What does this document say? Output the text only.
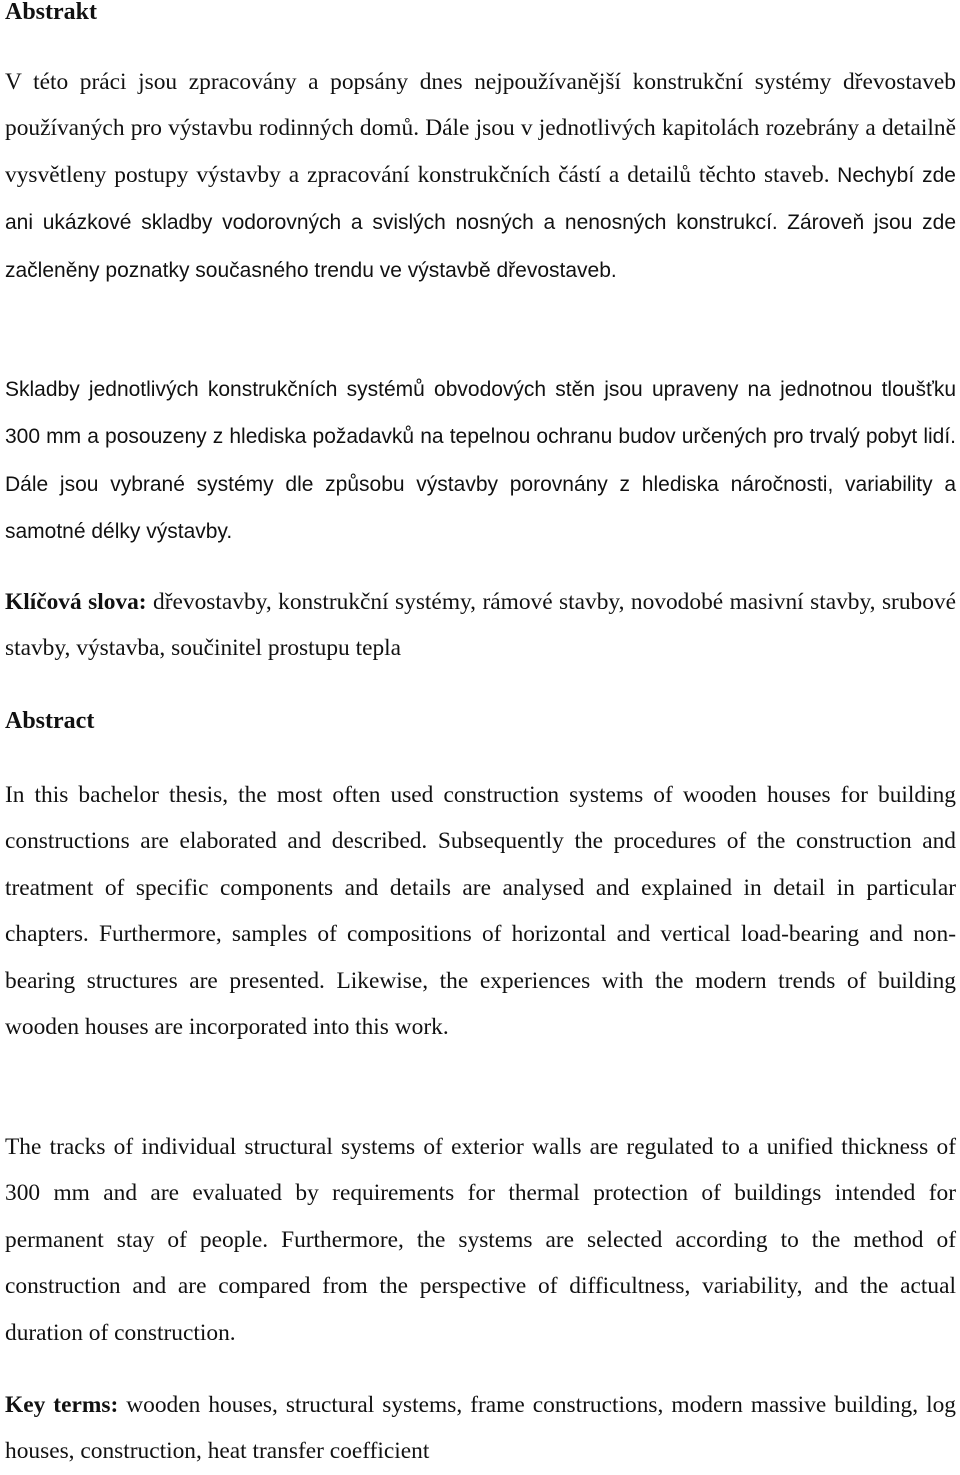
Abstrakt

V této práci jsou zpracovány a popsány dnes nejpoužívanější konstrukční systémy dřevostaveb používaných pro výstavbu rodinných domů. Dále jsou v jednotlivých kapitolách rozebrány a detailně vysvětleny postupy výstavby a zpracování konstrukčních částí a detailů těchto staveb. Nechybí zde ani ukázkové skladby vodorovných a svislých nosných a nenosných konstrukcí. Zároveň jsou zde začleněny poznatky současného trendu ve výstavbě dřevostaveb.

Skladby jednotlivých konstrukčních systémů obvodových stěn jsou upraveny na jednotnou tloušťku 300 mm a posouzeny z hlediska požadavků na tepelnou ochranu budov určených pro trvalý pobyt lidí. Dále jsou vybrané systémy dle způsobu výstavby porovnány z hlediska náročnosti, variability a samotné délky výstavby.

Klíčová slova: dřevostavby, konstrukční systémy, rámové stavby, novodobé masivní stavby, srubové stavby, výstavba, součinitel prostupu tepla

Abstract

In this bachelor thesis, the most often used construction systems of wooden houses for building constructions are elaborated and described. Subsequently the procedures of the construction and treatment of specific components and details are analysed and explained in detail in particular chapters. Furthermore, samples of compositions of horizontal and vertical load-bearing and non-bearing structures are presented. Likewise, the experiences with the modern trends of building wooden houses are incorporated into this work.

The tracks of individual structural systems of exterior walls are regulated to a unified thickness of 300 mm and are evaluated by requirements for thermal protection of buildings intended for permanent stay of people. Furthermore, the systems are selected according to the method of construction and are compared from the perspective of difficultness, variability, and the actual duration of construction.

Key terms: wooden houses, structural systems, frame constructions, modern massive building, log houses, construction, heat transfer coefficient
